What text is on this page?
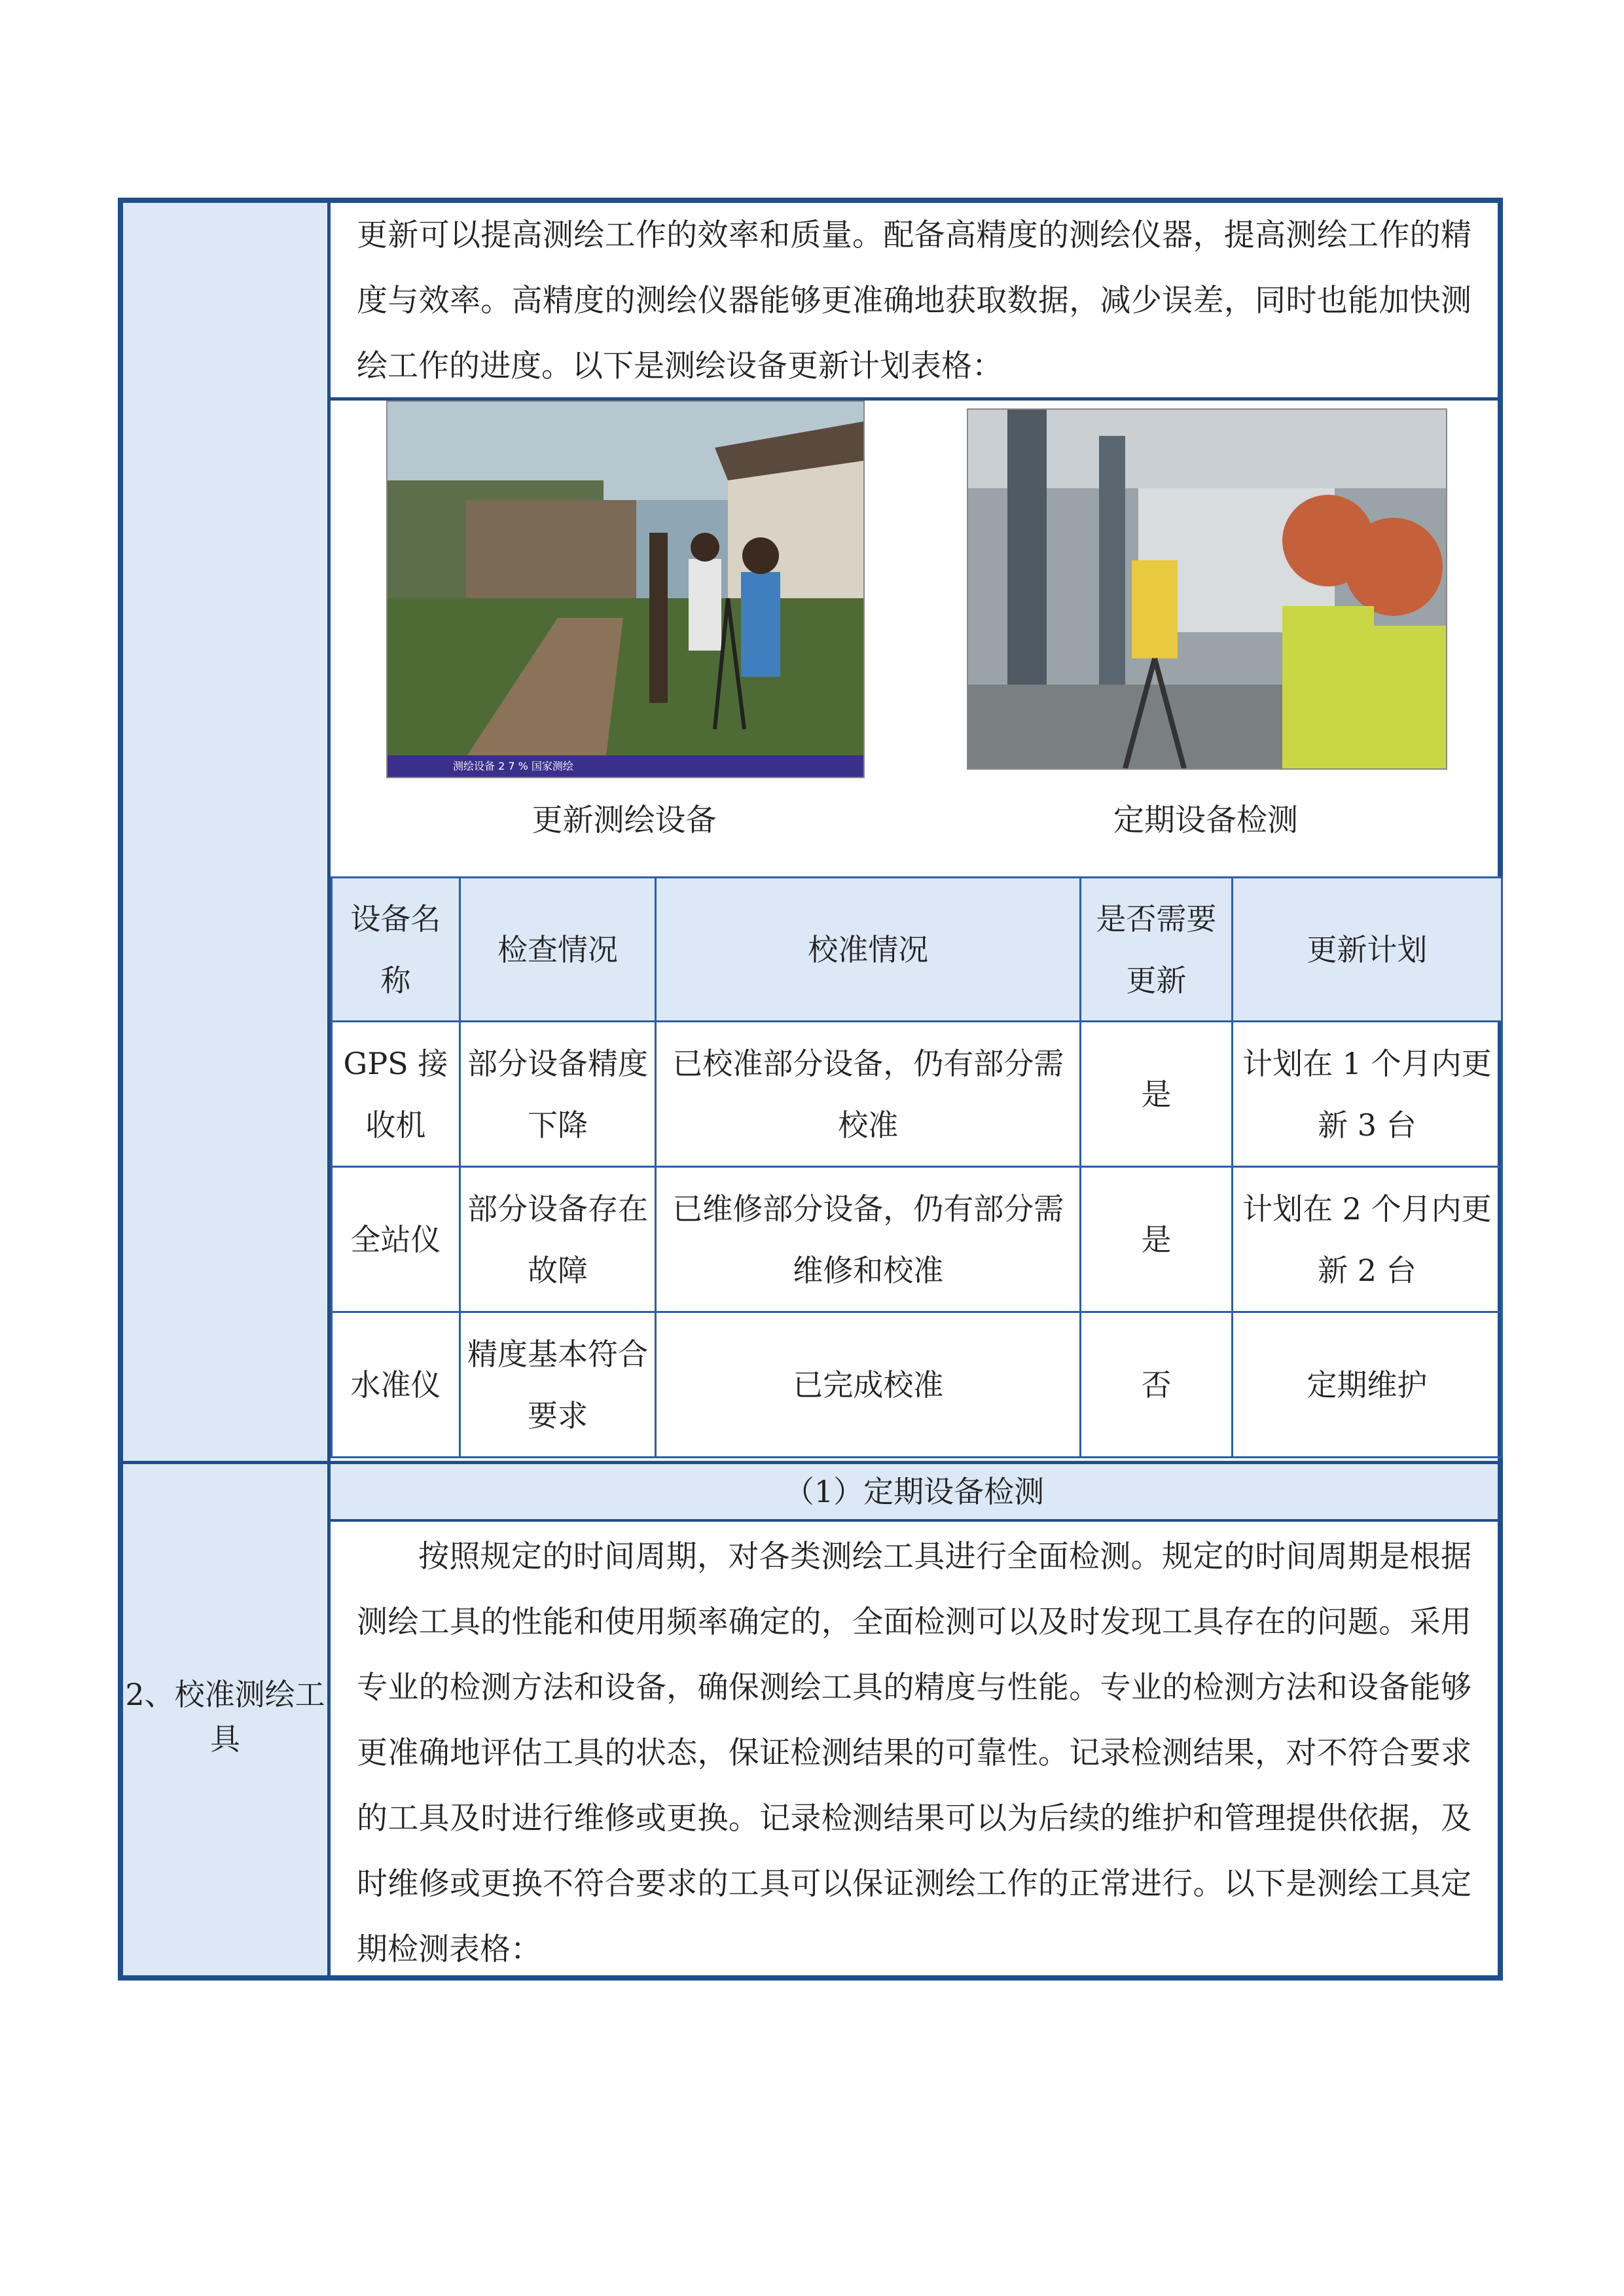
2、校准测绘工具
更新可以提高测绘工作的效率和质量。配备高精度的测绘仪器，提高测绘工作的精度与效率。高精度的测绘仪器能够更准确地获取数据，减少误差，同时也能加快测绘工作的进度。以下是测绘设备更新计划表格：
测绘设备 2 7 % 国家测绘
更新测绘设备	定期设备检测
设备名称	检查情况	校准情况	是否需要更新	更新计划
GPS 接收机	部分设备精度下降	已校准部分设备，仍有部分需校准	是	计划在 1 个月内更新 3 台
全站仪	部分设备存在故障	已维修部分设备，仍有部分需维修和校准	是	计划在 2 个月内更新 2 台
水准仪	精度基本符合要求	已完成校准	否	定期维护
（1）定期设备检测
按照规定的时间周期，对各类测绘工具进行全面检测。规定的时间周期是根据测绘工具的性能和使用频率确定的，全面检测可以及时发现工具存在的问题。采用专业的检测方法和设备，确保测绘工具的精度与性能。专业的检测方法和设备能够更准确地评估工具的状态，保证检测结果的可靠性。记录检测结果，对不符合要求的工具及时进行维修或更换。记录检测结果可以为后续的维护和管理提供依据，及时维修或更换不符合要求的工具可以保证测绘工作的正常进行。以下是测绘工具定期检测表格：
